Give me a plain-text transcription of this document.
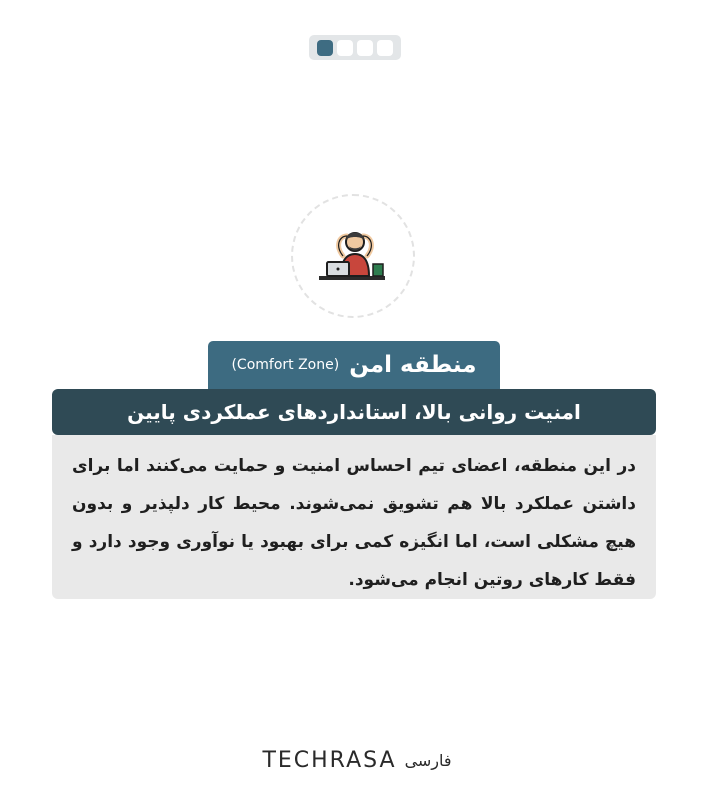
منطقه امن
(Comfort Zone)
امنیت روانی بالا، استانداردهای عملکردی پایین
در این منطقه، اعضای تیم احساس امنیت و حمایت می‌کنند اما برای داشتن عملکرد بالا هم تشویق نمی‌شوند. محیط کار دلپذیر و بدون هیچ مشکلی است، اما انگیزه کمی برای بهبود یا نوآوری وجود دارد و فقط کارهای روتین انجام می‌شود.
TECHRASA فارسی
